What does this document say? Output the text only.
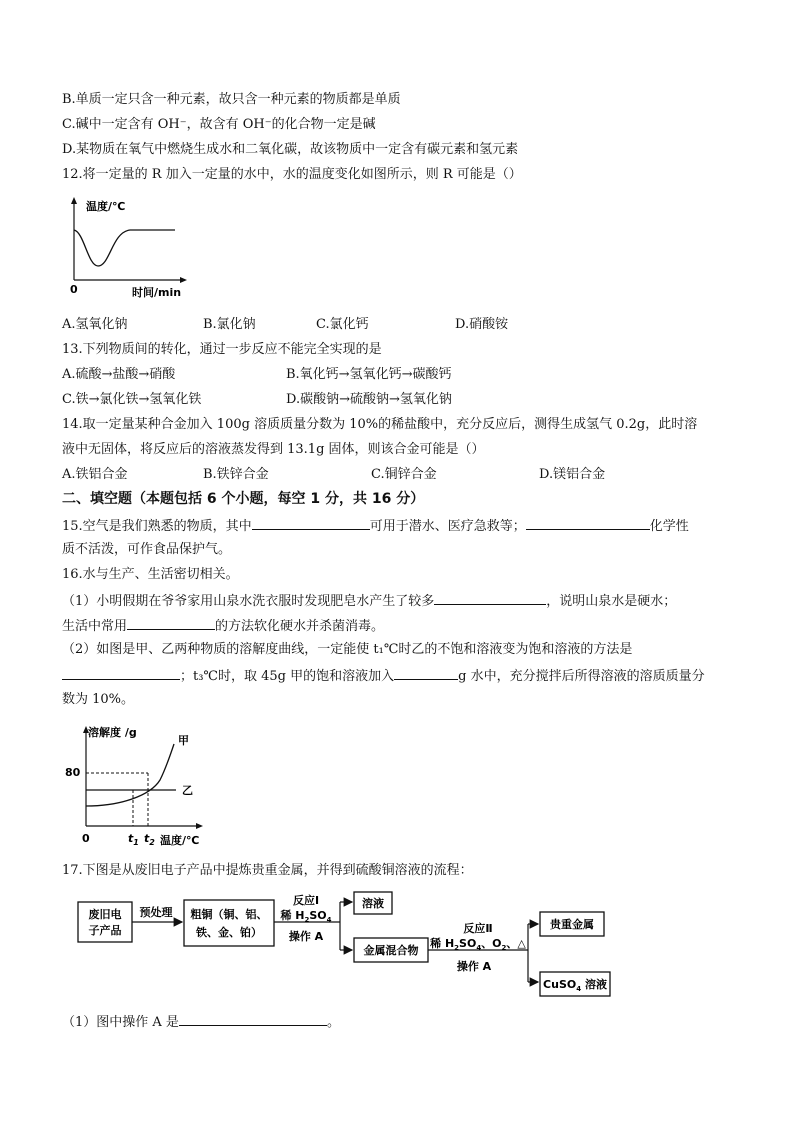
B.单质一定只含一种元素，故只含一种元素的物质都是单质
C.碱中一定含有 OH⁻，故含有 OH⁻的化合物一定是碱
D.某物质在氧气中燃烧生成水和二氧化碳，故该物质中一定含有碳元素和氢元素
12.将一定量的 R 加入一定量的水中，水的温度变化如图所示，则 R 可能是（）
温度/℃
0	时间/min
A.氢氧化钠	B.氯化钠	C.氯化钙	D.硝酸铵
13.下列物质间的转化，通过一步反应不能完全实现的是
A.硫酸→盐酸→硝酸	B.氧化钙→氢氧化钙→碳酸钙
C.铁→氯化铁→氢氧化铁	D.碳酸钠→硫酸钠→氢氧化钠
14.取一定量某种合金加入 100g 溶质质量分数为 10%的稀盐酸中，充分反应后，测得生成氢气 0.2g，此时溶
液中无固体，将反应后的溶液蒸发得到 13.1g 固体，则该合金可能是（）
A.铁铝合金	B.铁锌合金	C.铜锌合金	D.镁铝合金
二、填空题（本题包括 6 个小题，每空 1 分，共 16 分）
15.空气是我们熟悉的物质，其中	可用于潜水、医疗急救等；	化学性
质不活泼，可作食品保护气。
16.水与生产、生活密切相关。
（1）小明假期在爷爷家用山泉水洗衣服时发现肥皂水产生了较多	，说明山泉水是硬水；
生活中常用	的方法软化硬水并杀菌消毒。
（2）如图是甲、乙两种物质的溶解度曲线，一定能使 t₁℃时乙的不饱和溶液变为饱和溶液的方法是
；t₃℃时，取 45g 甲的饱和溶液加入	g 水中，充分搅拌后所得溶液的溶质质量分
数为 10%。
溶解度 /g
80
甲
乙
0	$t_1$ $t_2$ 温度/℃
17.下图是从废旧电子产品中提炼贵重金属，并得到硫酸铜溶液的流程：
废旧电
子产品
预处理 粗铜（铜、铝、
铁、金、铂）
反应Ⅰ
稀 $H_2SO_4$
操作 A
溶液
金属混合物
反应Ⅱ
稀 $H_2SO_4$、$O_2$、△
操作 A
贵重金属
CuSO$_4$ 溶液
（1）图中操作 A 是	。
